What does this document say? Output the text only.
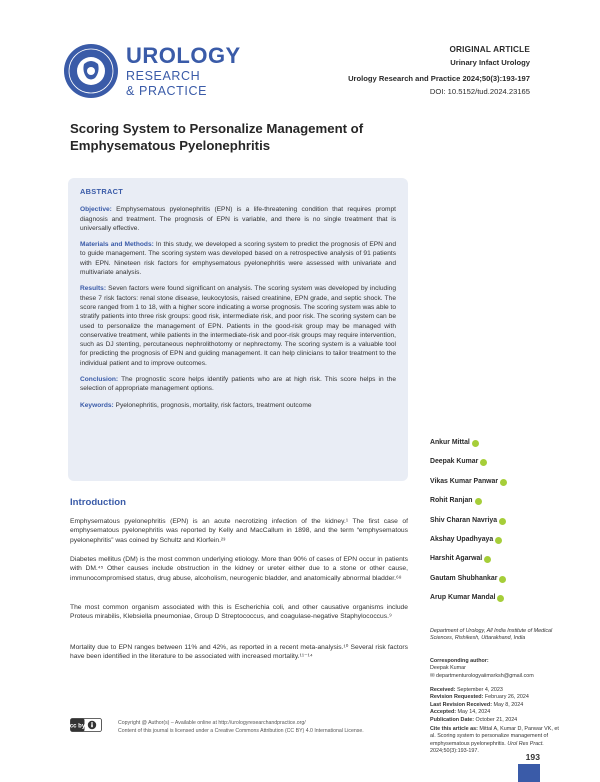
UROLOGY
RESEARCH
& PRACTICE
ORIGINAL ARTICLE
Urinary Infact Urology
Urology Research and Practice 2024;50(3):193-197
DOI: 10.5152/tud.2024.23165
Scoring System to Personalize Management of Emphysematous Pyelonephritis
ABSTRACT

Objective: Emphysematous pyelonephritis (EPN) is a life-threatening condition that requires prompt diagnosis and treatment. The prognosis of EPN is variable, and there is no single treatment that is universally effective.

Materials and Methods: In this study, we developed a scoring system to predict the prognosis of EPN and to guide management. The scoring system was developed based on a retrospective analysis of 91 patients with EPN. Nineteen risk factors for emphysematous pyelonephritis were assessed with univariate and multivariate analysis.

Results: Seven factors were found significant on analysis. The scoring system was developed by including these 7 risk factors: renal stone disease, leukocytosis, raised creatinine, EPN grade, and septic shock. The score ranged from 1 to 18, with a higher score indicating a worse prognosis. The scoring system was able to stratify patients into three risk groups: good risk, intermediate risk, and poor risk. The scoring system can be used to personalize the management of EPN. Patients in the good-risk group may be managed with conservative treatment, while patients in the intermediate-risk and poor-risk groups may require intervention, such as DJ stenting, percutaneous nephrolithotomy or nephrectomy. The scoring system is a valuable tool for predicting the prognosis of EPN and guiding management. It can help clinicians to tailor treatment to the individual patient and to improve outcomes.

Conclusion: The prognostic score helps identify patients who are at high risk. This score helps in the selection of appropriate management options.

Keywords: Pyelonephritis, prognosis, mortality, risk factors, treatment outcome

Introduction
Emphysematous pyelonephritis (EPN) is an acute necrotizing infection of the kidney.¹ The first case of emphysematous pyelonephritis was reported by Kelly and MacCallum in 1898, and the term “emphysematous pyelonephritis” was coined by Schultz and Klorfein.²³
Diabetes mellitus (DM) is the most common underlying etiology. More than 90% of cases of EPN occur in patients with DM.⁴⁵ Other causes include obstruction in the kidney or ureter either due to a stone or other cause, immunocompromised status, drug abuse, alcoholism, neurogenic bladder, and anatomically abnormal bladder.⁶⁸
The most common organism associated with this is Escherichia coli, and other causative organisms include Proteus mirabilis, Klebsiella pneumoniae, Group D Streptococcus, and coagulase-negative Staphylococcus.⁹
Mortality due to EPN ranges between 11% and 42%, as reported in a recent meta-analysis.¹⁰ Several risk factors have been identified in the literature to be associated with increased mortality.¹¹⁻¹⁴
Ankur Mittal
Deepak Kumar
Vikas Kumar Panwar
Rohit Ranjan
Shiv Charan Navriya
Akshay Upadhyaya
Harshit Agarwal
Gautam Shubhankar
Arup Kumar Mandal
Department of Urology, All India Institute of Medical Sciences, Rishikesh, Uttarakhand, India
Corresponding author:
Deepak Kumar
✉ departmenturologyaiimsrksh@gmail.com
Received: September 4, 2023
Revision Requested: February 26, 2024
Last Revision Received: May 8, 2024
Accepted: May 14, 2024
Publication Date: October 21, 2024
Cite this article as: Mittal A, Kumar D, Panwar VK, et al. Scoring system to personalize management of emphysematous pyelonephritis. Urol Res Pract. 2024;50(3):193-197.
cc by
Copyright @ Author(s) – Available online at http://urologyresearchandpractice.org/
Content of this journal is licensed under a Creative Commons Attribution (CC BY) 4.0 International License.
193
